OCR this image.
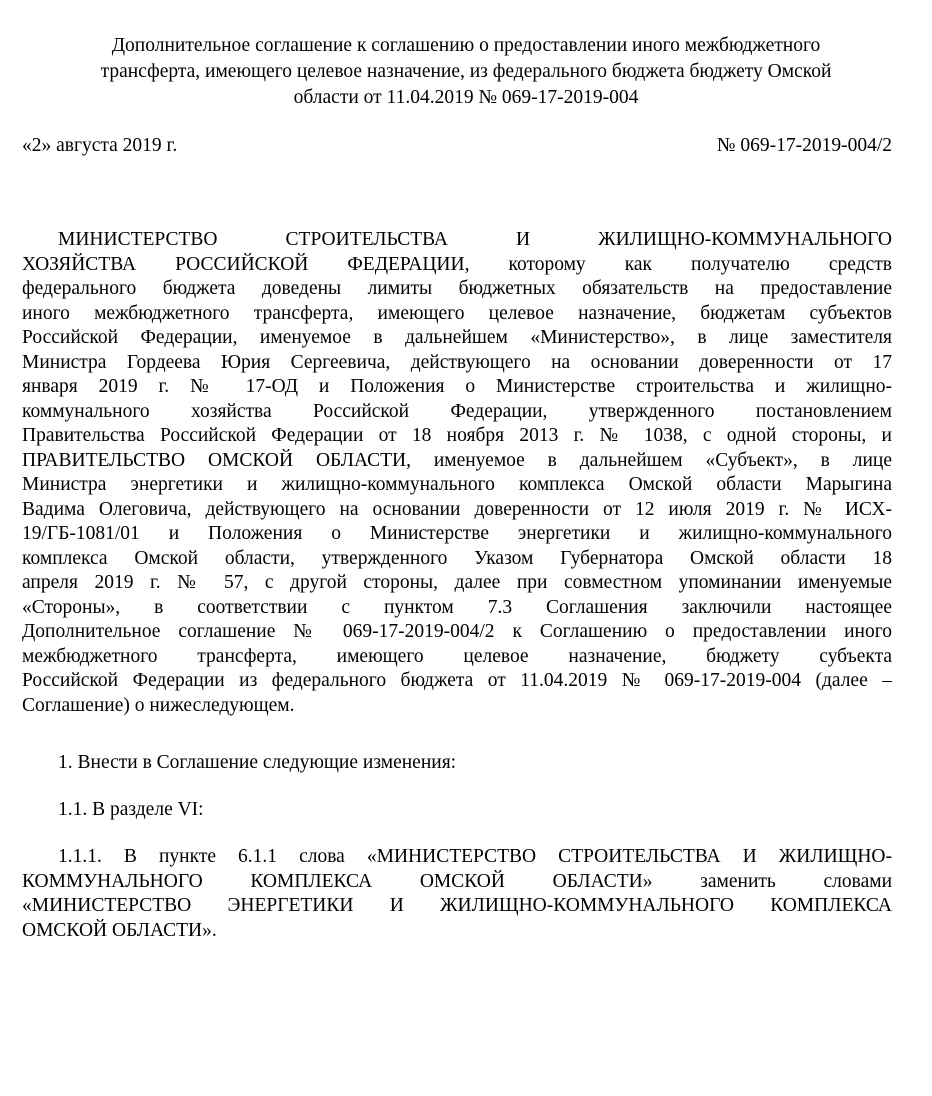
Дополнительное соглашение к соглашению о предоставлении иного межбюджетного
трансферта, имеющего целевое назначение, из федерального бюджета бюджету Омской
области от 11.04.2019 № 069-17-2019-004
«2» августа 2019 г.	№ 069-17-2019-004/2
МИНИСТЕРСТВО СТРОИТЕЛЬСТВА И ЖИЛИЩНО-КОММУНАЛЬНОГО
ХОЗЯЙСТВА РОССИЙСКОЙ ФЕДЕРАЦИИ, которому как получателю средств
федерального бюджета доведены лимиты бюджетных обязательств на предоставление
иного межбюджетного трансферта, имеющего целевое назначение, бюджетам субъектов
Российской Федерации, именуемое в дальнейшем «Министерство», в лице заместителя
Министра Гордеева Юрия Сергеевича, действующего на основании доверенности от 17
января 2019 г. № 17-ОД и Положения о Министерстве строительства и жилищно-
коммунального хозяйства Российской Федерации, утвержденного постановлением
Правительства Российской Федерации от 18 ноября 2013 г. № 1038, с одной стороны, и
ПРАВИТЕЛЬСТВО ОМСКОЙ ОБЛАСТИ, именуемое в дальнейшем «Субъект», в лице
Министра энергетики и жилищно-коммунального комплекса Омской области Марыгина
Вадима Олеговича, действующего на основании доверенности от 12 июля 2019 г. № ИСХ-
19/ГБ-1081/01 и Положения о Министерстве энергетики и жилищно-коммунального
комплекса Омской области, утвержденного Указом Губернатора Омской области 18
апреля 2019 г. № 57, с другой стороны, далее при совместном упоминании именуемые
«Стороны», в соответствии с пунктом 7.3 Соглашения заключили настоящее
Дополнительное соглашение № 069-17-2019-004/2 к Соглашению о предоставлении иного
межбюджетного трансферта, имеющего целевое назначение, бюджету субъекта
Российской Федерации из федерального бюджета от 11.04.2019 № 069-17-2019-004 (далее –
Соглашение) о нижеследующем.
1. Внести в Соглашение следующие изменения:
1.1. В разделе VI:
1.1.1. В пункте 6.1.1 слова «МИНИСТЕРСТВО СТРОИТЕЛЬСТВА И ЖИЛИЩНО-
КОММУНАЛЬНОГО КОМПЛЕКСА ОМСКОЙ ОБЛАСТИ» заменить словами
«МИНИСТЕРСТВО ЭНЕРГЕТИКИ И ЖИЛИЩНО-КОММУНАЛЬНОГО КОМПЛЕКСА
ОМСКОЙ ОБЛАСТИ».
